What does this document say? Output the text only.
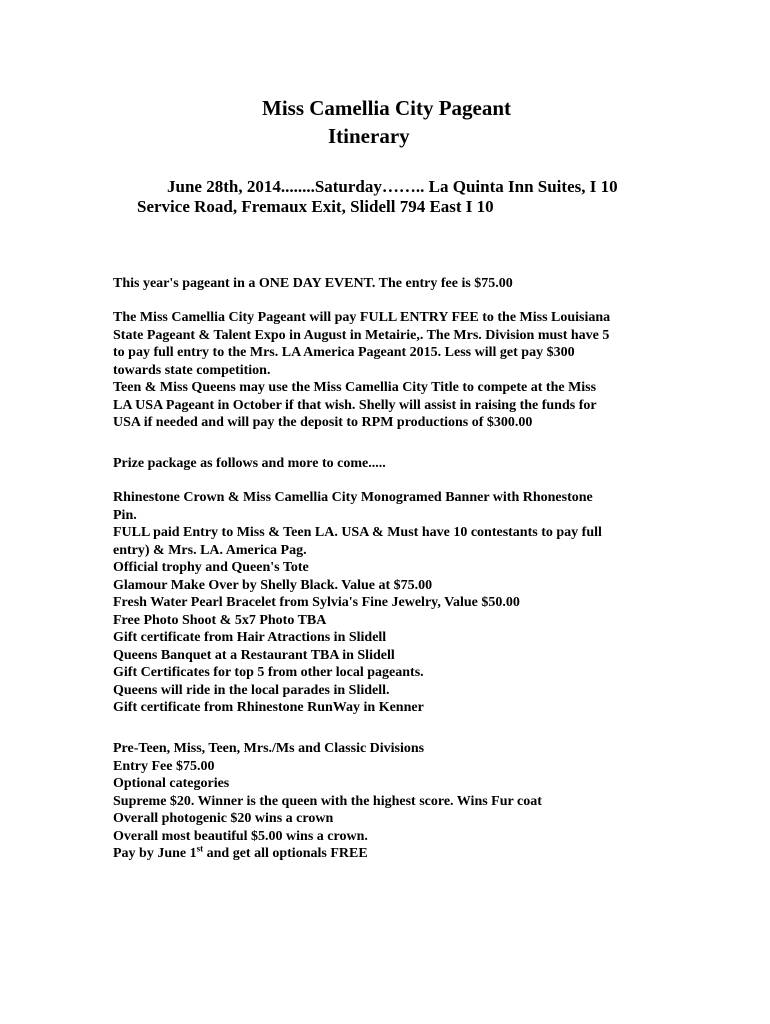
Miss Camellia City Pageant
Itinerary
June 28th, 2014........Saturday…….. La Quinta Inn Suites, I 10
Service Road, Fremaux Exit, Slidell 794 East I 10
This year's pageant in a ONE DAY EVENT. The entry fee is $75.00
The Miss Camellia City Pageant will pay FULL ENTRY FEE to the Miss Louisiana
State Pageant & Talent Expo in August in Metairie,. The Mrs. Division must have 5
to pay full entry to the Mrs. LA America Pageant 2015. Less will get pay $300
towards state competition.
Teen & Miss Queens may use the Miss Camellia City Title to compete at the Miss
LA USA Pageant in October if that wish. Shelly will assist in raising the funds for
USA if needed and will pay the deposit to RPM productions of $300.00
Prize package as follows and more to come.....
Rhinestone Crown & Miss Camellia City Monogramed Banner with Rhonestone
Pin.
FULL paid Entry to Miss & Teen LA. USA & Must have 10 contestants to pay full
entry) & Mrs. LA. America Pag.
Official trophy and Queen's Tote
Glamour Make Over by Shelly Black. Value at $75.00
Fresh Water Pearl Bracelet from Sylvia's Fine Jewelry, Value $50.00
Free Photo Shoot & 5x7 Photo TBA
Gift certificate from Hair Atractions in Slidell
Queens Banquet at a Restaurant TBA in Slidell
Gift Certificates for top 5 from other local pageants.
Queens will ride in the local parades in Slidell.
Gift certificate from Rhinestone RunWay in Kenner
Pre-Teen, Miss, Teen, Mrs./Ms and Classic Divisions
Entry Fee $75.00
Optional categories
Supreme $20. Winner is the queen with the highest score. Wins Fur coat
Overall photogenic $20 wins a crown
Overall most beautiful $5.00 wins a crown.
Pay by June 1st and get all optionals FREE
